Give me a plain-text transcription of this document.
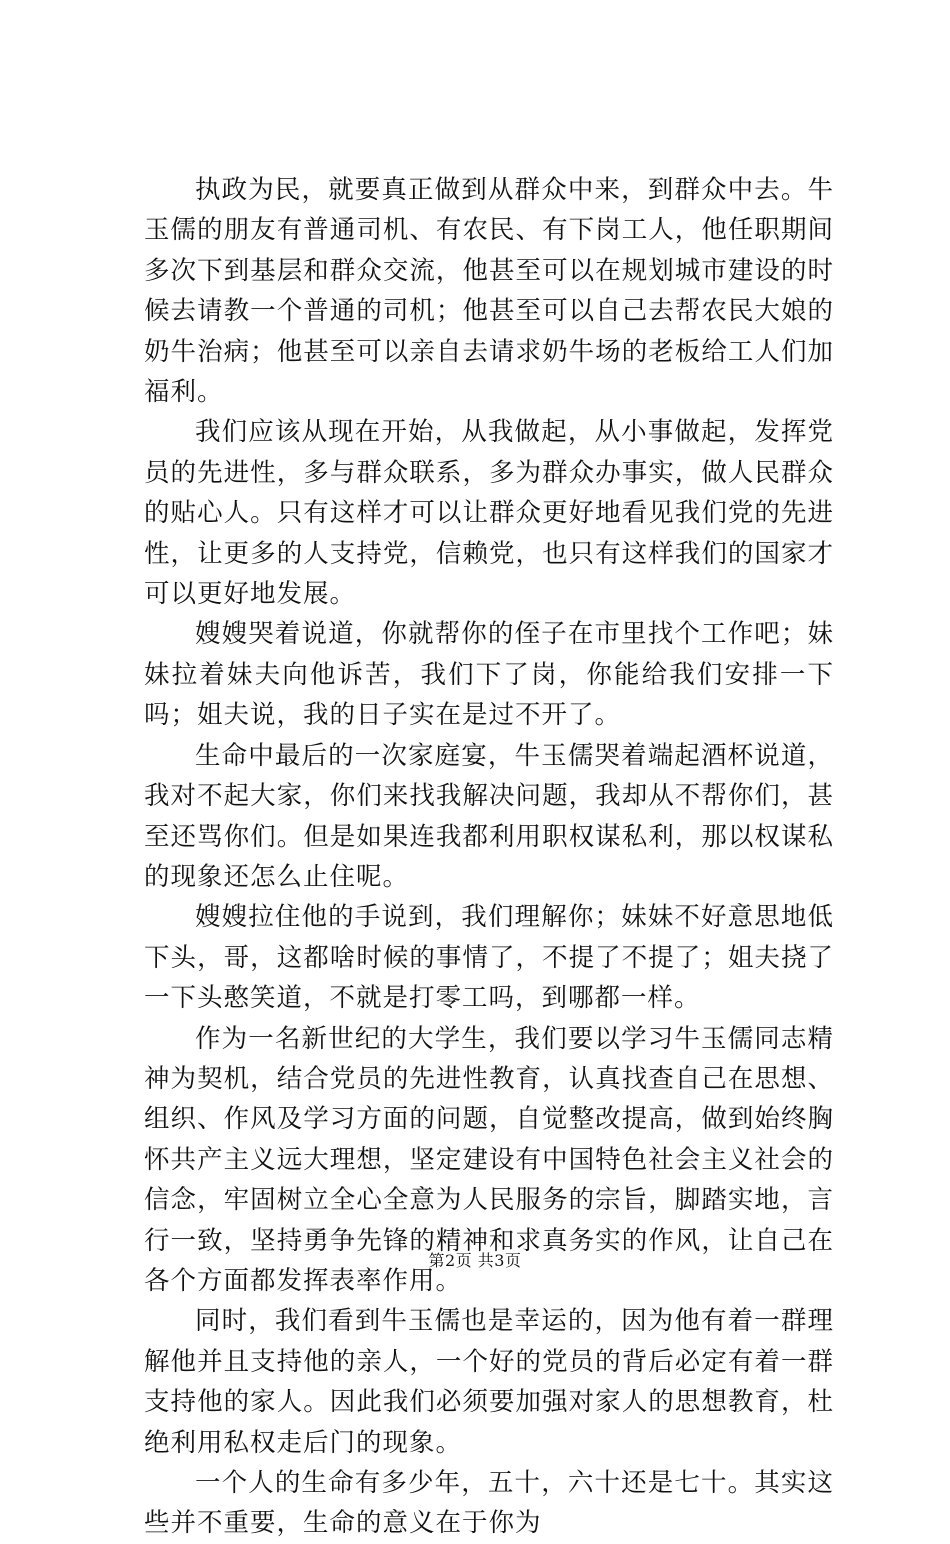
执政为民，就要真正做到从群众中来，到群众中去。牛玉儒的朋友有普通司机、有农民、有下岗工人，他任职期间多次下到基层和群众交流，他甚至可以在规划城市建设的时候去请教一个普通的司机；他甚至可以自己去帮农民大娘的奶牛治病；他甚至可以亲自去请求奶牛场的老板给工人们加福利。

我们应该从现在开始，从我做起，从小事做起，发挥党员的先进性，多与群众联系，多为群众办事实，做人民群众的贴心人。只有这样才可以让群众更好地看见我们党的先进性，让更多的人支持党，信赖党，也只有这样我们的国家才可以更好地发展。

嫂嫂哭着说道，你就帮你的侄子在市里找个工作吧；妹妹拉着妹夫向他诉苦，我们下了岗，你能给我们安排一下吗；姐夫说，我的日子实在是过不开了。

生命中最后的一次家庭宴，牛玉儒哭着端起酒杯说道，我对不起大家，你们来找我解决问题，我却从不帮你们，甚至还骂你们。但是如果连我都利用职权谋私利，那以权谋私的现象还怎么止住呢。

嫂嫂拉住他的手说到，我们理解你；妹妹不好意思地低下头，哥，这都啥时候的事情了，不提了不提了；姐夫挠了一下头憨笑道，不就是打零工吗，到哪都一样。

作为一名新世纪的大学生，我们要以学习牛玉儒同志精神为契机，结合党员的先进性教育，认真找查自己在思想、组织、作风及学习方面的问题，自觉整改提高，做到始终胸怀共产主义远大理想，坚定建设有中国特色社会主义社会的信念，牢固树立全心全意为人民服务的宗旨，脚踏实地，言行一致，坚持勇争先锋的精神和求真务实的作风，让自己在各个方面都发挥表率作用。

同时，我们看到牛玉儒也是幸运的，因为他有着一群理解他并且支持他的亲人，一个好的党员的背后必定有着一群支持他的家人。因此我们必须要加强对家人的思想教育，杜绝利用私权走后门的现象。

一个人的生命有多少年，五十，六十还是七十。其实这些并不重要，生命的意义在于你为

第2页 共3页
